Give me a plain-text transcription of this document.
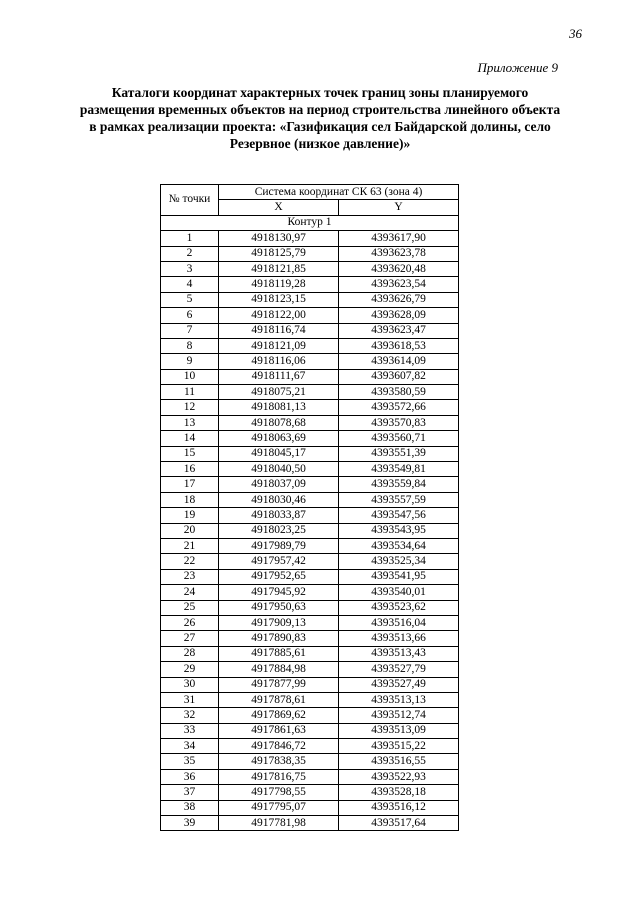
36
Приложение 9
Каталоги координат характерных точек границ зоны планируемого
размещения временных объектов на период строительства линейного объекта
в рамках реализации проекта: «Газификация сел Байдарской долины, село
Резервное (низкое давление)»
№ точки	Система координат СК 63 (зона 4)	
	X	Y
Контур 1		
1	4918130,97	4393617,90
2	4918125,79	4393623,78
3	4918121,85	4393620,48
4	4918119,28	4393623,54
5	4918123,15	4393626,79
6	4918122,00	4393628,09
7	4918116,74	4393623,47
8	4918121,09	4393618,53
9	4918116,06	4393614,09
10	4918111,67	4393607,82
11	4918075,21	4393580,59
12	4918081,13	4393572,66
13	4918078,68	4393570,83
14	4918063,69	4393560,71
15	4918045,17	4393551,39
16	4918040,50	4393549,81
17	4918037,09	4393559,84
18	4918030,46	4393557,59
19	4918033,87	4393547,56
20	4918023,25	4393543,95
21	4917989,79	4393534,64
22	4917957,42	4393525,34
23	4917952,65	4393541,95
24	4917945,92	4393540,01
25	4917950,63	4393523,62
26	4917909,13	4393516,04
27	4917890,83	4393513,66
28	4917885,61	4393513,43
29	4917884,98	4393527,79
30	4917877,99	4393527,49
31	4917878,61	4393513,13
32	4917869,62	4393512,74
33	4917861,63	4393513,09
34	4917846,72	4393515,22
35	4917838,35	4393516,55
36	4917816,75	4393522,93
37	4917798,55	4393528,18
38	4917795,07	4393516,12
39	4917781,98	4393517,64
